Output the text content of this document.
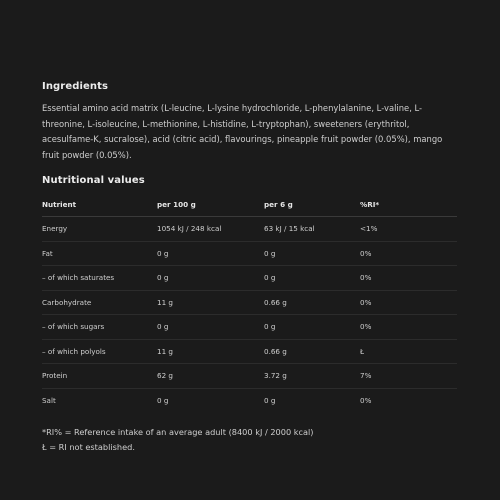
Ingredients
Essential amino acid matrix (L-leucine, L-lysine hydrochloride, L-phenylalanine, L-valine, L-threonine, L-isoleucine, L-methionine, L-histidine, L-tryptophan), sweeteners (erythritol, acesulfame-K, sucralose), acid (citric acid), flavourings, pineapple fruit powder (0.05%), mango fruit powder (0.05%).
Nutritional values
Nutrient	per 100 g	per 6 g	%RI*
Energy	1054 kJ / 248 kcal	63 kJ / 15 kcal	<1%
Fat	0 g	0 g	0%
– of which saturates	0 g	0 g	0%
Carbohydrate	11 g	0.66 g	0%
– of which sugars	0 g	0 g	0%
– of which polyols	11 g	0.66 g	Ł
Protein	62 g	3.72 g	7%
Salt	0 g	0 g	0%
*RI% = Reference intake of an average adult (8400 kJ / 2000 kcal)
Ł = RI not established.
